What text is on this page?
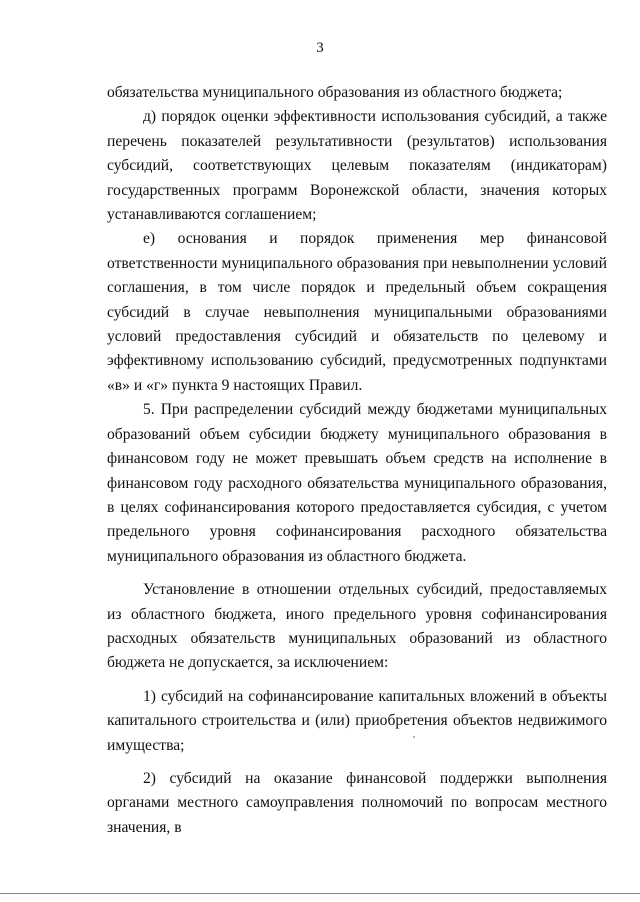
3

обязательства муниципального образования из областного бюджета;

д) порядок оценки эффективности использования субсидий, а также перечень показателей результативности (результатов) использования субсидий, соответствующих целевым показателям (индикаторам) государственных программ Воронежской области, значения которых устанавливаются соглашением;

е) основания и порядок применения мер финансовой ответственности муниципального образования при невыполнении условий соглашения, в том числе порядок и предельный объем сокращения субсидий в случае невыполнения муниципальными образованиями условий предоставления субсидий и обязательств по целевому и эффективному использованию субсидий, предусмотренных подпунктами «в» и «г» пункта 9 настоящих Правил.

5. При распределении субсидий между бюджетами муниципальных образований объем субсидии бюджету муниципального образования в финансовом году не может превышать объем средств на исполнение в финансовом году расходного обязательства муниципального образования, в целях софинансирования которого предоставляется субсидия, с учетом предельного уровня софинансирования расходного обязательства муниципального образования из областного бюджета.

Установление в отношении отдельных субсидий, предоставляемых из областного бюджета, иного предельного уровня софинансирования расходных обязательств муниципальных образований из областного бюджета не допускается, за исключением:

1) субсидий на софинансирование капитальных вложений в объекты капитального строительства и (или) приобретения объектов недвижимого имущества;

2) субсидий на оказание финансовой поддержки выполнения органами местного самоуправления полномочий по вопросам местного значения, в
